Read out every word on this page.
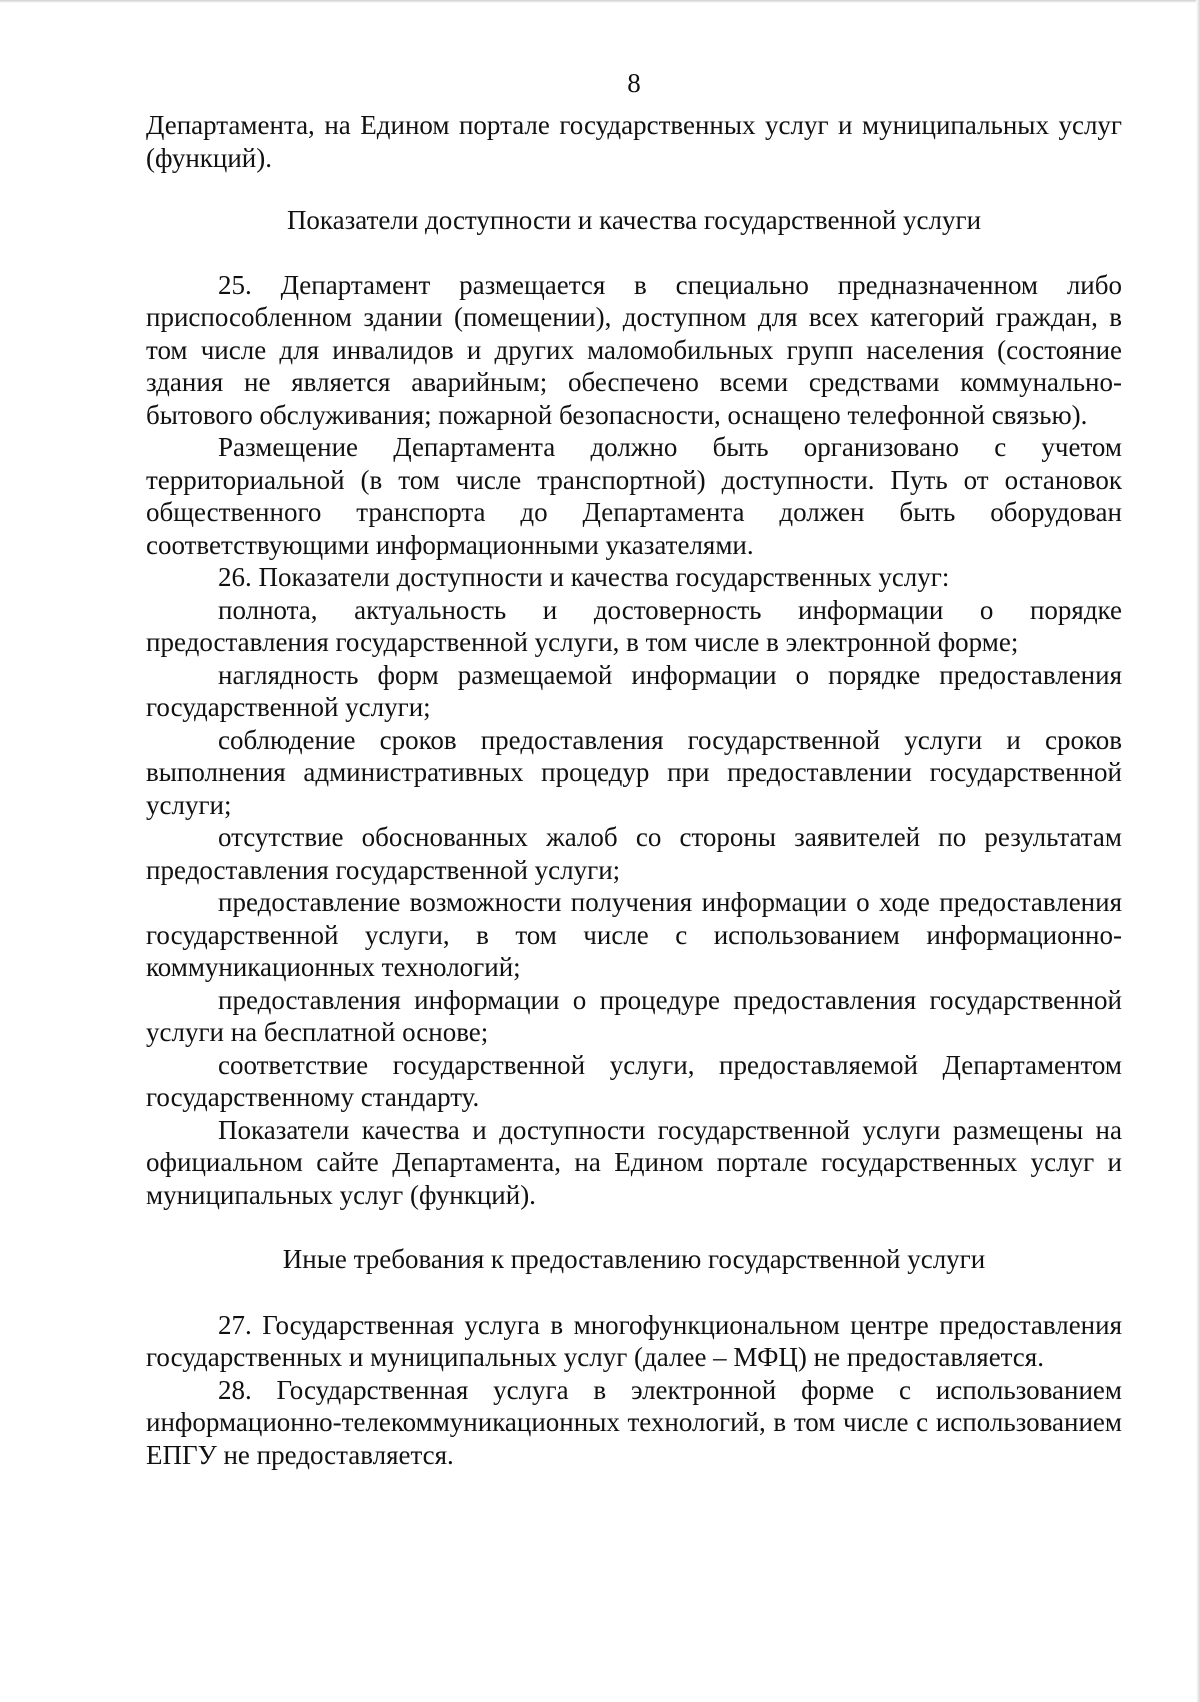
8

Департамента, на Едином портале государственных услуг и муниципальных услуг (функций).

Показатели доступности и качества государственной услуги

25. Департамент размещается в специально предназначенном либо приспособленном здании (помещении), доступном для всех категорий граждан, в том числе для инвалидов и других маломобильных групп населения (состояние здания не является аварийным; обеспечено всеми средствами коммунально-бытового обслуживания; пожарной безопасности, оснащено телефонной связью).

Размещение Департамента должно быть организовано с учетом территориальной (в том числе транспортной) доступности. Путь от остановок общественного транспорта до Департамента должен быть оборудован соответствующими информационными указателями.

26. Показатели доступности и качества государственных услуг:

полнота, актуальность и достоверность информации о порядке предоставления государственной услуги, в том числе в электронной форме;

наглядность форм размещаемой информации о порядке предоставления государственной услуги;

соблюдение сроков предоставления государственной услуги и сроков выполнения административных процедур при предоставлении государственной услуги;

отсутствие обоснованных жалоб со стороны заявителей по результатам предоставления государственной услуги;

предоставление возможности получения информации о ходе предоставления государственной услуги, в том числе с использованием информационно-коммуникационных технологий;

предоставления информации о процедуре предоставления государственной услуги на бесплатной основе;

соответствие государственной услуги, предоставляемой Департаментом государственному стандарту.

Показатели качества и доступности государственной услуги размещены на официальном сайте Департамента, на Едином портале государственных услуг и муниципальных услуг (функций).

Иные требования к предоставлению государственной услуги

27. Государственная услуга в многофункциональном центре предоставления государственных и муниципальных услуг (далее – МФЦ) не предоставляется.

28. Государственная услуга в электронной форме с использованием информационно-телекоммуникационных технологий, в том числе с использованием ЕПГУ не предоставляется.
